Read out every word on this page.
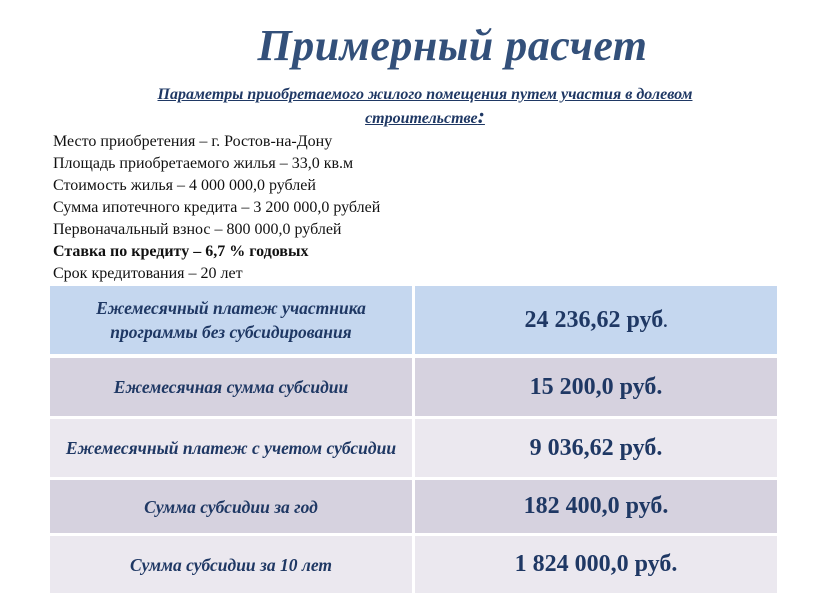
Примерный расчет
Параметры приобретаемого жилого помещения путем участия в долевом строительстве:
Место приобретения – г. Ростов-на-Дону
Площадь приобретаемого жилья – 33,0 кв.м
Стоимость жилья – 4 000 000,0 рублей
Сумма ипотечного кредита – 3 200 000,0 рублей
Первоначальный взнос – 800 000,0 рублей
Ставка по кредиту – 6,7 % годовых
Срок кредитования – 20 лет
Ежемесячный платеж участника программы без субсидирования	24 236,62 руб.
Ежемесячная сумма субсидии	15 200,0 руб.
Ежемесячный платеж с учетом субсидии	9 036,62 руб.
Сумма субсидии за год	182 400,0 руб.
Сумма субсидии за 10 лет	1 824 000,0 руб.
